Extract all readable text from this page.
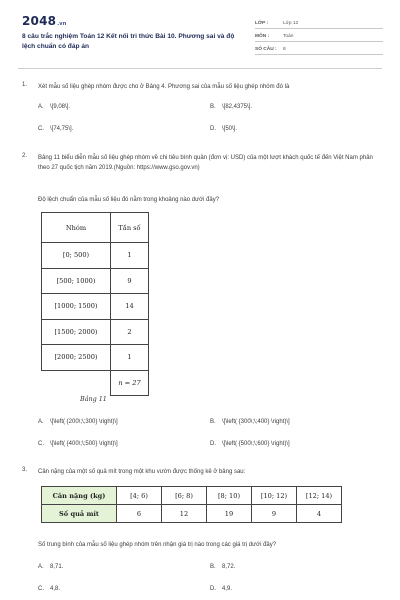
2048.vn
8 câu trắc nghiệm Toán 12 Kết nối tri thức Bài 10. Phương sai và độ lệch chuẩn có đáp án
LỚP :	Lớp 12
MÔN :	Toán
SỐ CÂU :	8
1. Xét mẫu số liệu ghép nhóm được cho ở Bảng 4. Phương sai của mẫu số liệu ghép nhóm đó là
A. \[9,08\].	B. \[82,4375\].
C. \[74,75\].	D. \[50\].
2. Bảng 11 biểu diễn mẫu số liệu ghép nhóm về chi tiêu bình quân (đơn vị: USD) của một lượt khách quốc tế đến Việt Nam phân theo 27 quốc tịch năm 2019.(Nguồn: https://www.gso.gov.vn)
Độ lệch chuẩn của mẫu số liệu đó nằm trong khoảng nào dưới đây?
Nhóm	Tần số
[0; 500)	1
[500; 1000)	9
[1000; 1500)	14
[1500; 2000)	2
[2000; 2500)	1
	n = 27
Bảng 11
A. \[\left( {200\;\;300} \right)\]	B. \[\left( {300\;\;400} \right)\]
C. \[\left( {400\;\;500} \right)\]	D. \[\left( {500\;\;600} \right)\]
3. Cân nặng của một số quả mít trong một khu vườn được thống kê ở bảng sau:
Cân nặng (kg)	[4; 6)	[6; 8)	[8; 10)	[10; 12)	[12; 14)
Số quả mít	6	12	19	9	4
Số trung bình của mẫu số liệu ghép nhóm trên nhận giá trị nào trong các giá trị dưới đây?
A. 8,71.	B. 8,72.
C. 4,8.	D. 4,9.
